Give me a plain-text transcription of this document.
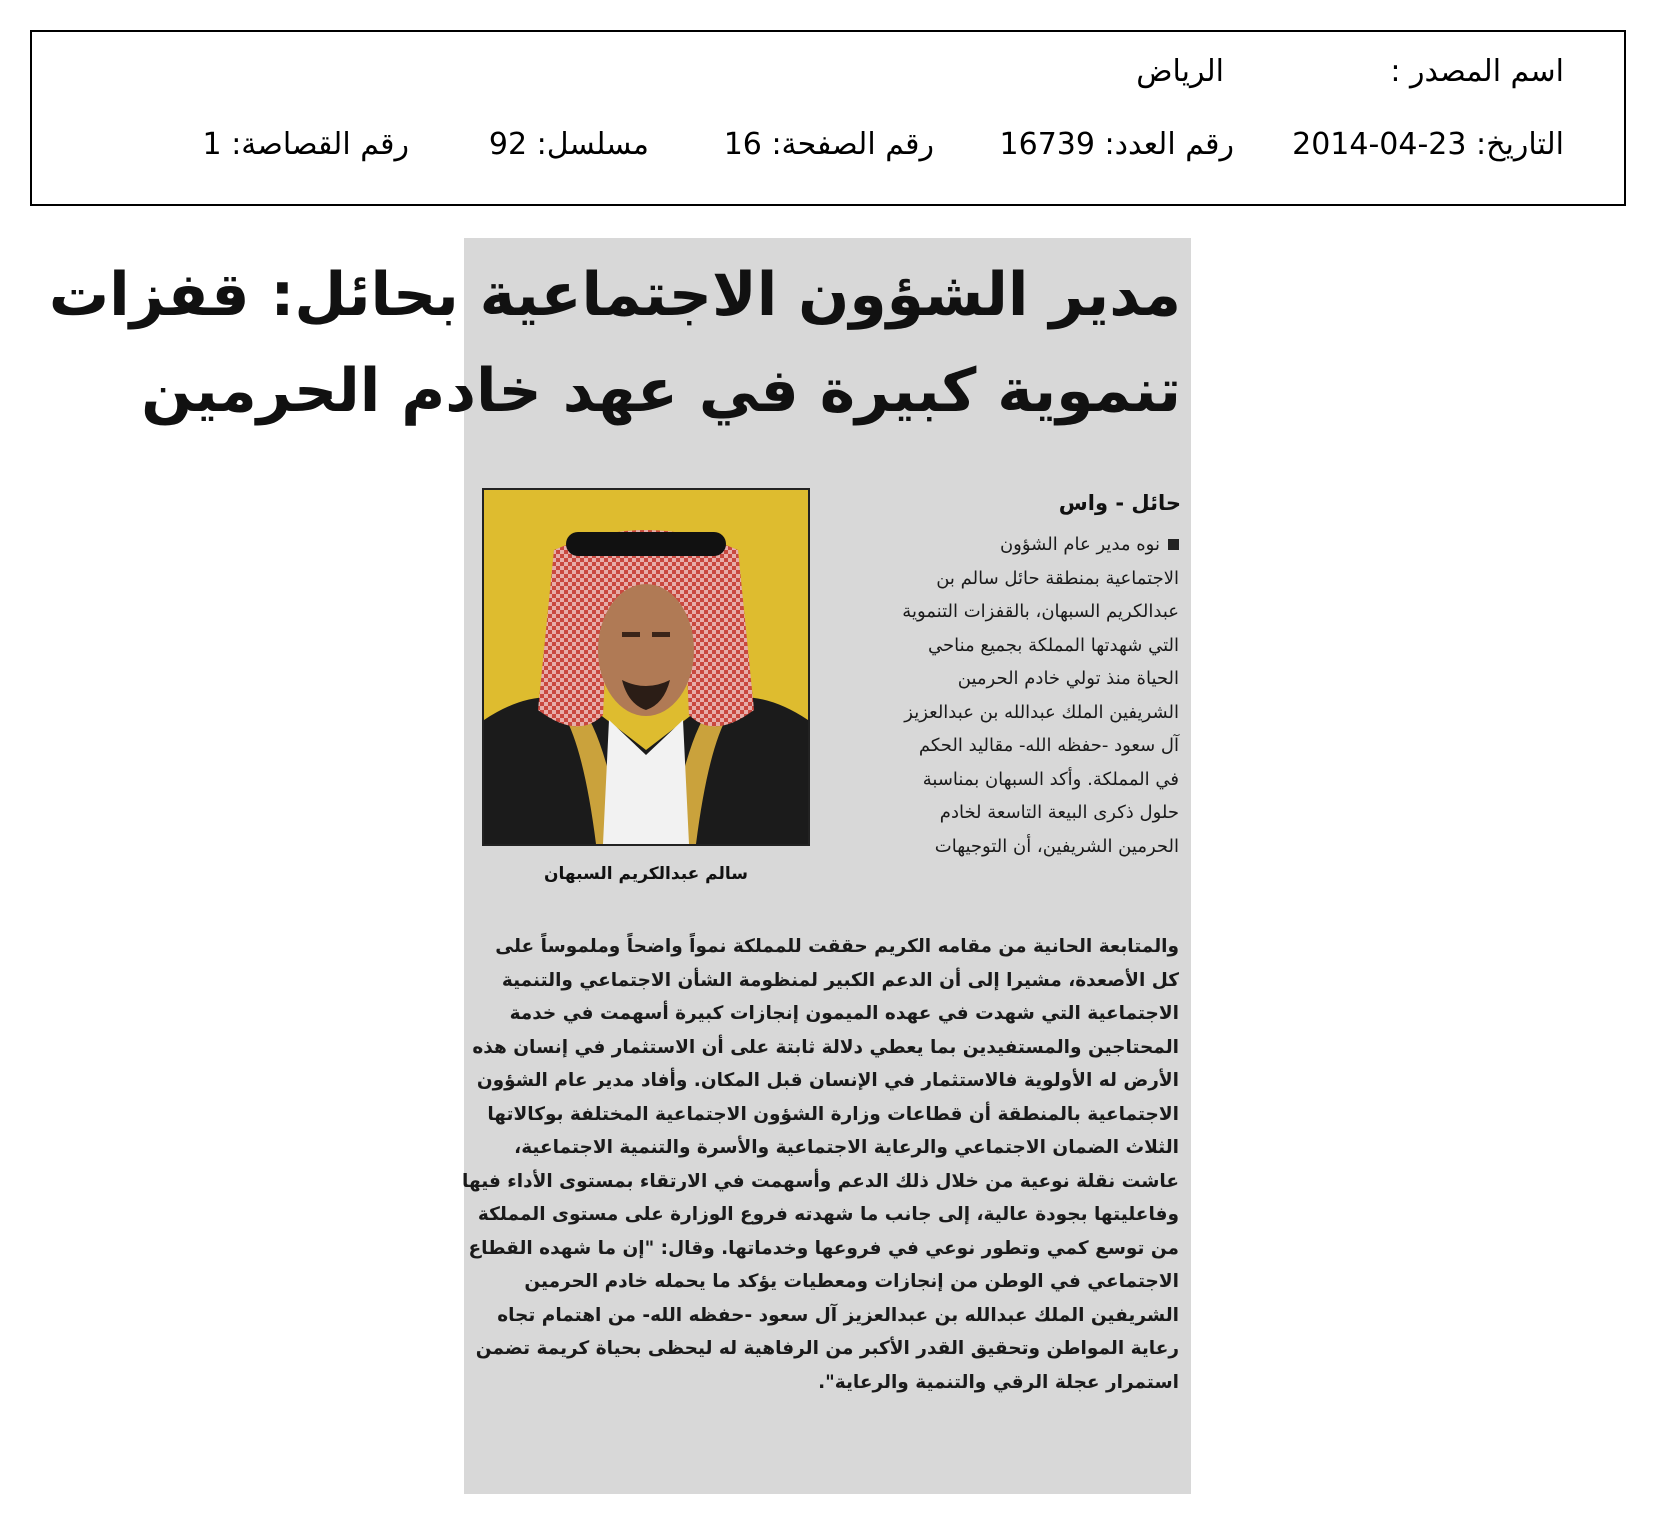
اسم المصدر :
الرياض
التاريخ: 2014-04-23
رقم العدد: 16739
رقم الصفحة: 16
مسلسل: 92
رقم القصاصة: 1
مدير الشؤون الاجتماعية بحائل: قفزات
تنموية كبيرة في عهد خادم الحرمين
سالم عبدالكريم السبهان
حائل - واس
نوه مدير عام الشؤون
الاجتماعية بمنطقة حائل سالم بن
عبدالكريم السبهان، بالقفزات التنموية
التي شهدتها المملكة بجميع مناحي
الحياة منذ تولي خادم الحرمين
الشريفين الملك عبدالله بن عبدالعزيز
آل سعود -حفظه الله- مقاليد الحكم
في المملكة. وأكد السبهان بمناسبة
حلول ذكرى البيعة التاسعة لخادم
الحرمين الشريفين، أن التوجيهات
والمتابعة الحانية من مقامه الكريم حققت للمملكة نمواً واضحاً وملموساً على
كل الأصعدة، مشيرا إلى أن الدعم الكبير لمنظومة الشأن الاجتماعي والتنمية
الاجتماعية التي شهدت في عهده الميمون إنجازات كبيرة أسهمت في خدمة
المحتاجين والمستفيدين بما يعطي دلالة ثابتة على أن الاستثمار في إنسان هذه
الأرض له الأولوية فالاستثمار في الإنسان قبل المكان. وأفاد مدير عام الشؤون
الاجتماعية بالمنطقة أن قطاعات وزارة الشؤون الاجتماعية المختلفة بوكالاتها
الثلاث الضمان الاجتماعي والرعاية الاجتماعية والأسرة والتنمية الاجتماعية،
عاشت نقلة نوعية من خلال ذلك الدعم وأسهمت في الارتقاء بمستوى الأداء فيها
وفاعليتها بجودة عالية، إلى جانب ما شهدته فروع الوزارة على مستوى المملكة
من توسع كمي وتطور نوعي في فروعها وخدماتها. وقال: "إن ما شهده القطاع
الاجتماعي في الوطن من إنجازات ومعطيات يؤكد ما يحمله خادم الحرمين
الشريفين الملك عبدالله بن عبدالعزيز آل سعود -حفظه الله- من اهتمام تجاه
رعاية المواطن وتحقيق القدر الأكبر من الرفاهية له ليحظى بحياة كريمة تضمن
استمرار عجلة الرقي والتنمية والرعاية".
